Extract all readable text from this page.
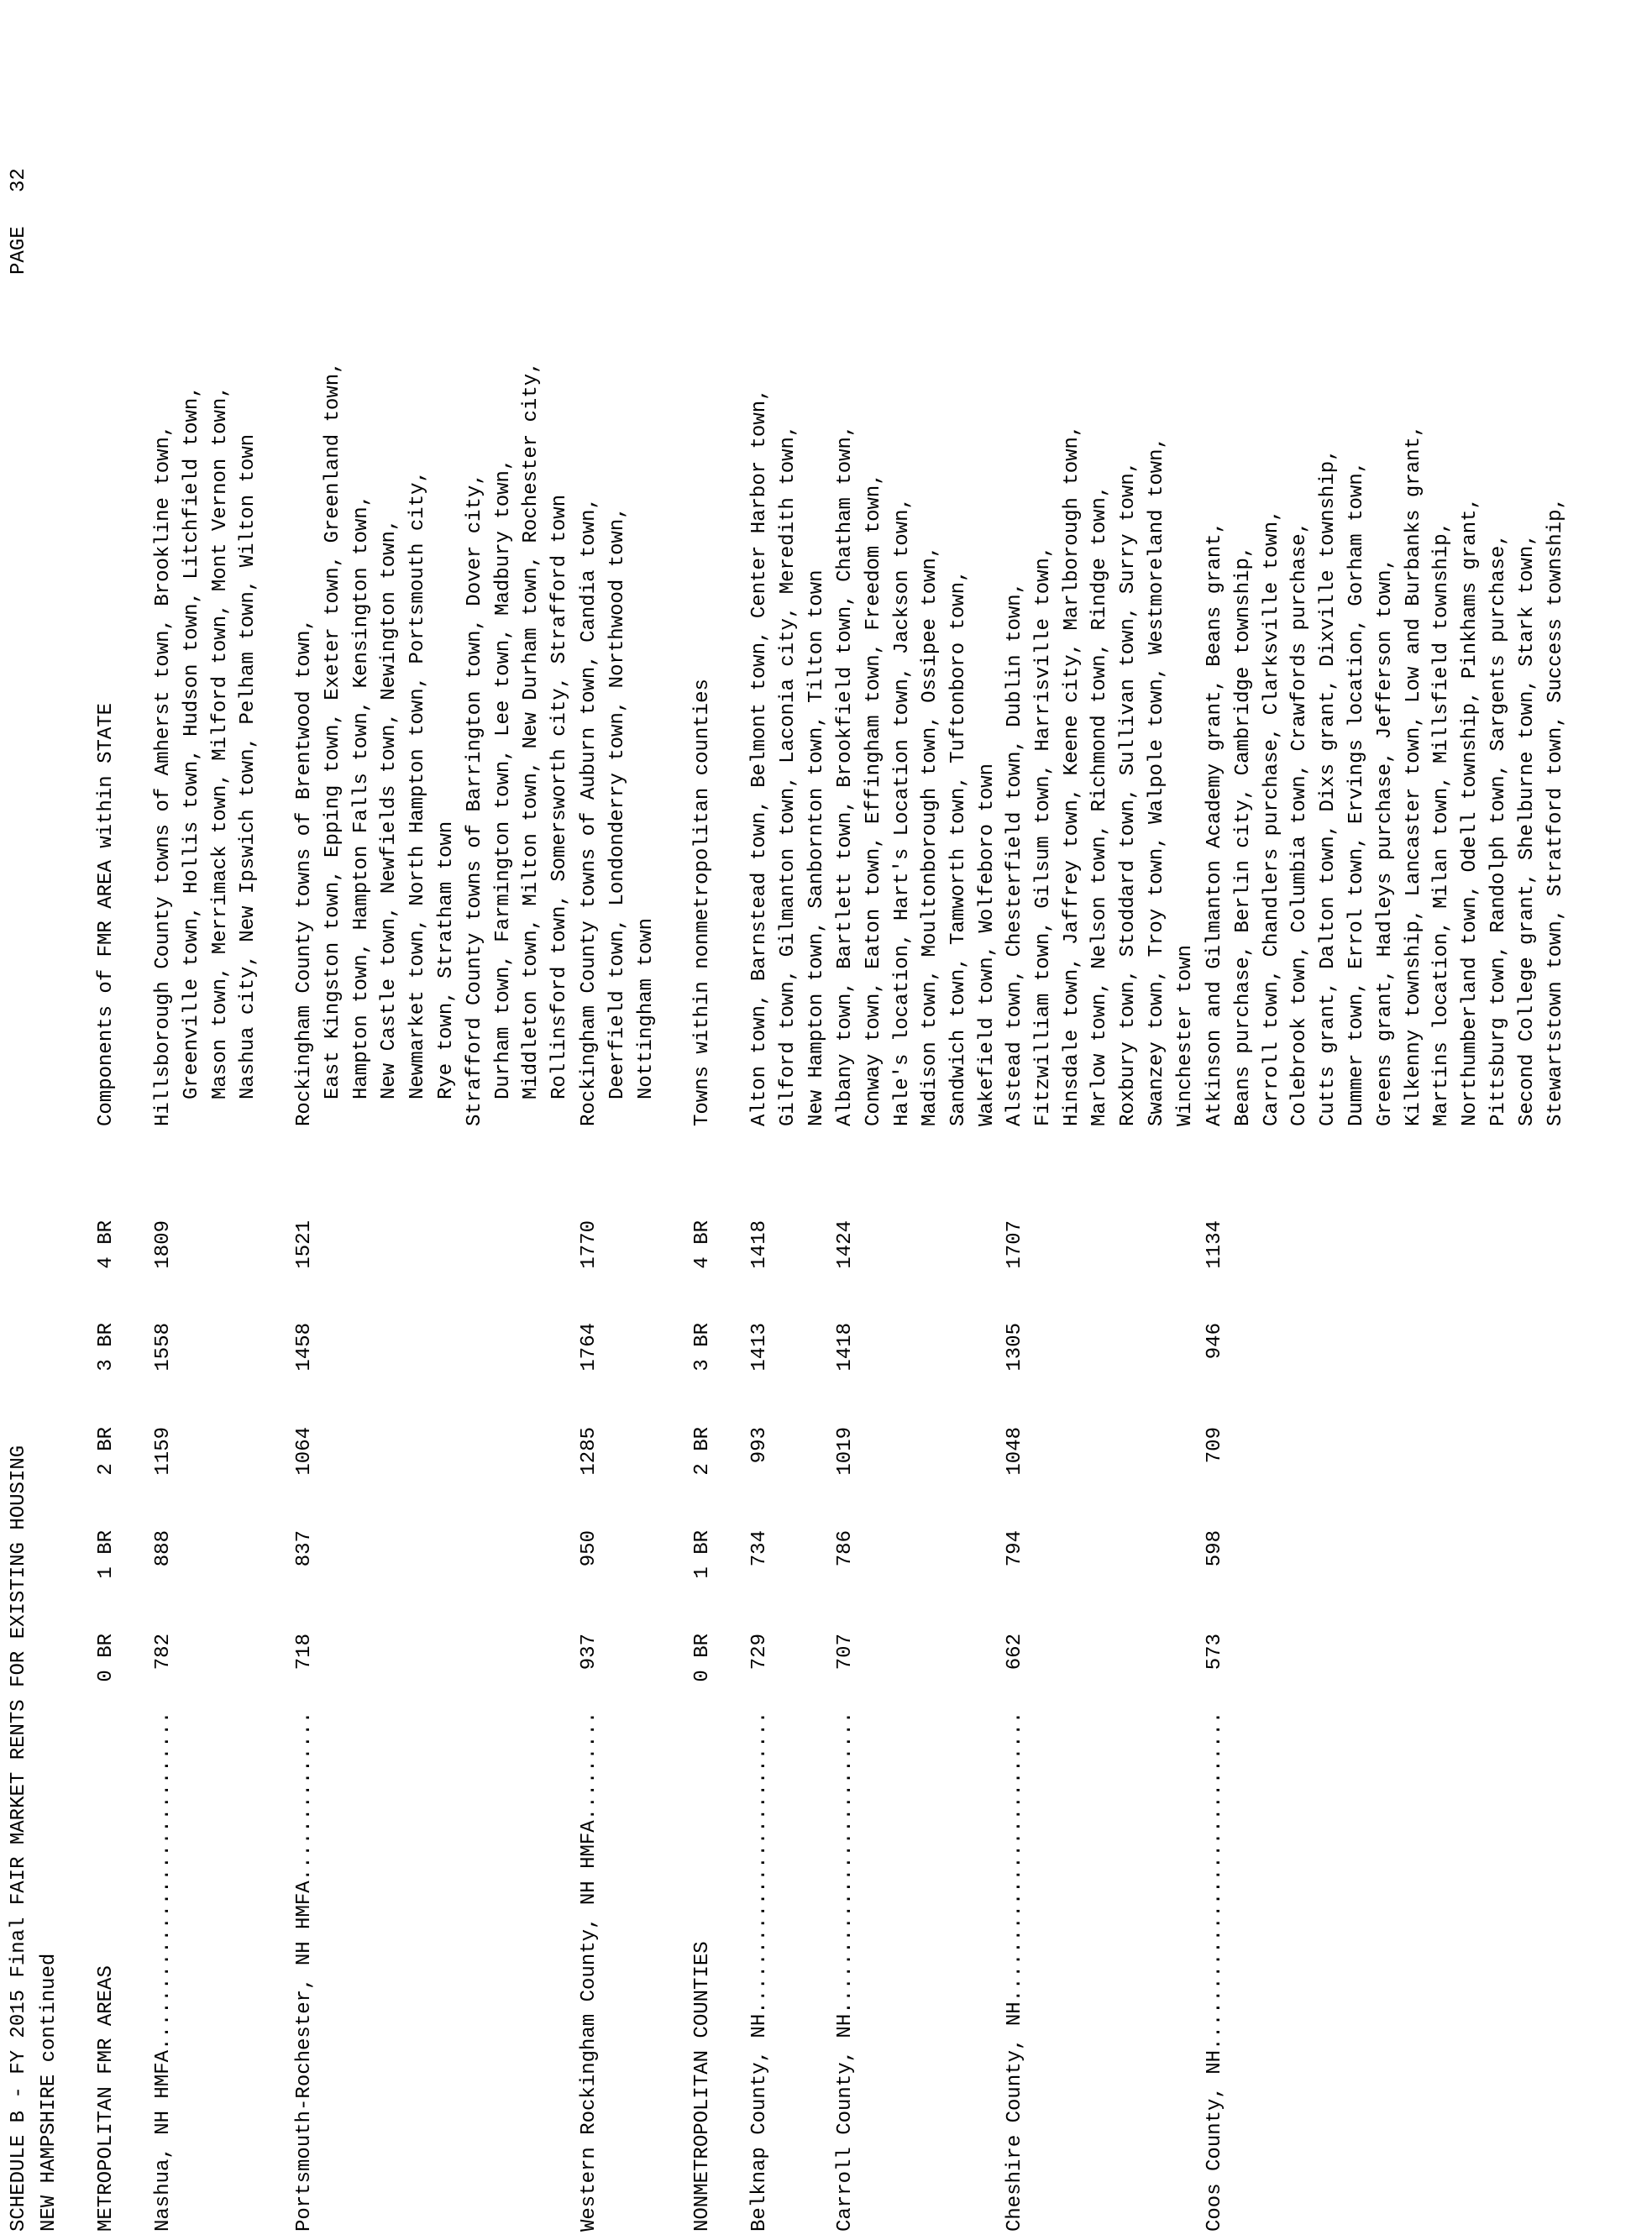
SCHEDULE B - FY 2015 Final FAIR MARKET RENTS FOR EXISTING HOUSING

PAGE

32

NEW HAMPSHIRE continued

METROPOLITAN FMR AREAS
0 BR
1 BR
2 BR
3 BR
4 BR
Components of FMR AREA within STATE
Nashua, NH HMFA............................
782
888
1159
1558
1809
Hillsborough County towns of Amherst town, Brookline town, Greenville town, Hollis town, Hudson town, Litchfield town, Mason town, Merrimack town, Milford town, Mont Vernon town, Nashua city, New Ipswich town, Pelham town, Wilton town
Portsmouth-Rochester, NH HMFA..............
718
837
1064
1458
1521
Rockingham County towns of Brentwood town, East Kingston town, Epping town, Exeter town, Greenland town, Hampton town, Hampton Falls town, Kensington town, New Castle town, Newfields town, Newington town, Newmarket town, North Hampton town, Portsmouth city, Rye town, Stratham town Strafford County towns of Barrington town, Dover city, Durham town, Farmington town, Lee town, Madbury town, Middleton town, Milton town, New Durham town, Rochester city, Rollinsford town, Somersworth city, Strafford town
Western Rockingham County, NH HMFA.........
937
950
1285
1764
1770
Rockingham County towns of Auburn town, Candia town, Deerfield town, Londonderry town, Northwood town, Nottingham town
NONMETROPOLITAN COUNTIES
0 BR
1 BR
2 BR
3 BR
4 BR
Towns within nonmetropolitan counties
Belknap County, NH.........................
729
734
993
1413
1418
Alton town, Barnstead town, Belmont town, Center Harbor town, Gilford town, Gilmanton town, Laconia city, Meredith town, New Hampton town, Sanbornton town, Tilton town
Carroll County, NH.........................
707
786
1019
1418
1424
Albany town, Bartlett town, Brookfield town, Chatham town, Conway town, Eaton town, Effingham town, Freedom town, Hale's location, Hart's Location town, Jackson town, Madison town, Moultonborough town, Ossipee town, Sandwich town, Tamworth town, Tuftonboro town, Wakefield town, Wolfeboro town
Cheshire County, NH........................
662
794
1048
1305
1707
Alstead town, Chesterfield town, Dublin town, Fitzwilliam town, Gilsum town, Harrisville town, Hinsdale town, Jaffrey town, Keene city, Marlborough town, Marlow town, Nelson town, Richmond town, Rindge town, Roxbury town, Stoddard town, Sullivan town, Surry town, Swanzey town, Troy town, Walpole town, Westmoreland town, Winchester town
Coos County, NH............................
573
598
709
946
1134
Atkinson and Gilmanton Academy grant, Beans grant, Beans purchase, Berlin city, Cambridge township, Carroll town, Chandlers purchase, Clarksville town, Colebrook town, Columbia town, Crawfords purchase, Cutts grant, Dalton town, Dixs grant, Dixville township, Dummer town, Errol town, Ervings location, Gorham town, Greens grant, Hadleys purchase, Jefferson town, Kilkenny township, Lancaster town, Low and Burbanks grant, Martins location, Milan town, Millsfield township, Northumberland town, Odell township, Pinkhams grant, Pittsburg town, Randolph town, Sargents purchase, Second College grant, Shelburne town, Stark town, Stewartstown town, Stratford town, Success township,
